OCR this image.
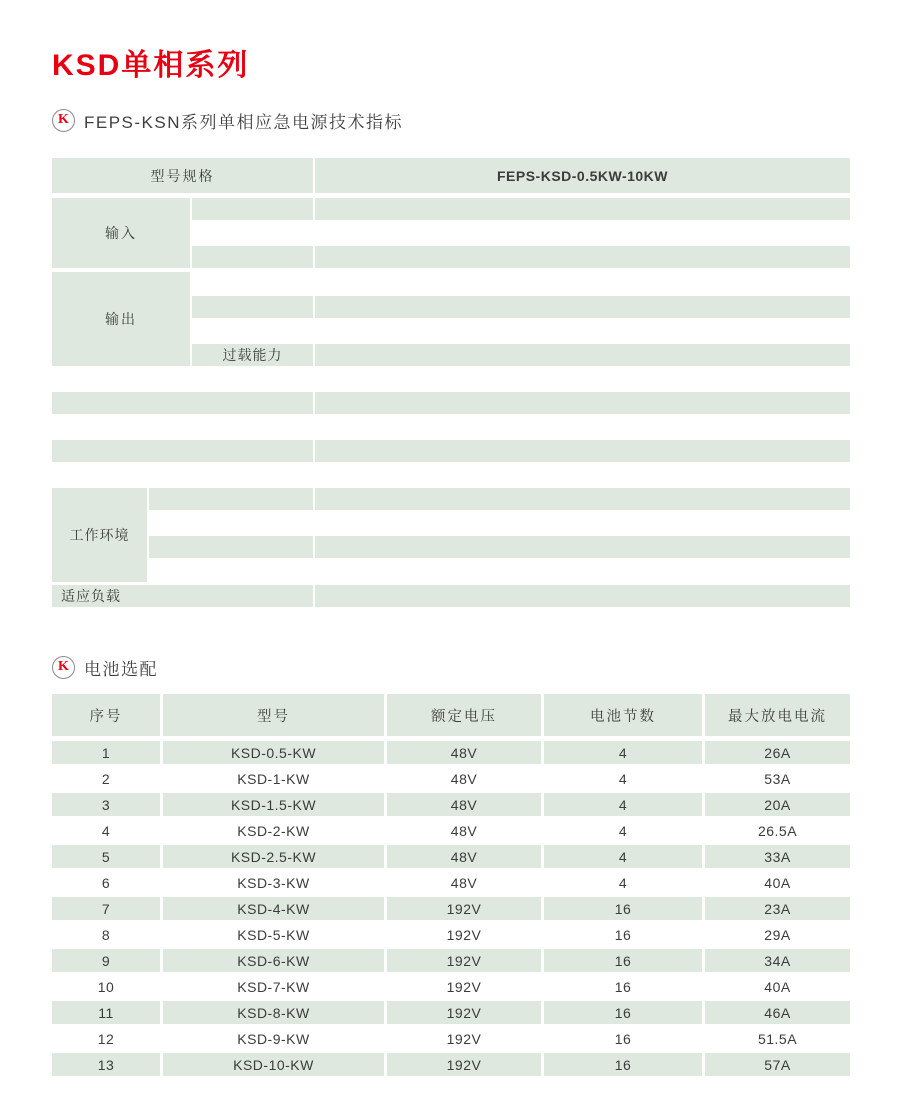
KSD单相系列
K FEPS-KSN系列单相应急电源技术指标
型号规格	FEPS-KSD-0.5KW-10KW
输入
输出
过载能力
工作环境
适应负载
K 电池选配
序号	型号	额定电压	电池节数	最大放电电流
1	KSD-0.5-KW	48V	4	26A
2	KSD-1-KW	48V	4	53A
3	KSD-1.5-KW	48V	4	20A
4	KSD-2-KW	48V	4	26.5A
5	KSD-2.5-KW	48V	4	33A
6	KSD-3-KW	48V	4	40A
7	KSD-4-KW	192V	16	23A
8	KSD-5-KW	192V	16	29A
9	KSD-6-KW	192V	16	34A
10	KSD-7-KW	192V	16	40A
11	KSD-8-KW	192V	16	46A
12	KSD-9-KW	192V	16	51.5A
13	KSD-10-KW	192V	16	57A
